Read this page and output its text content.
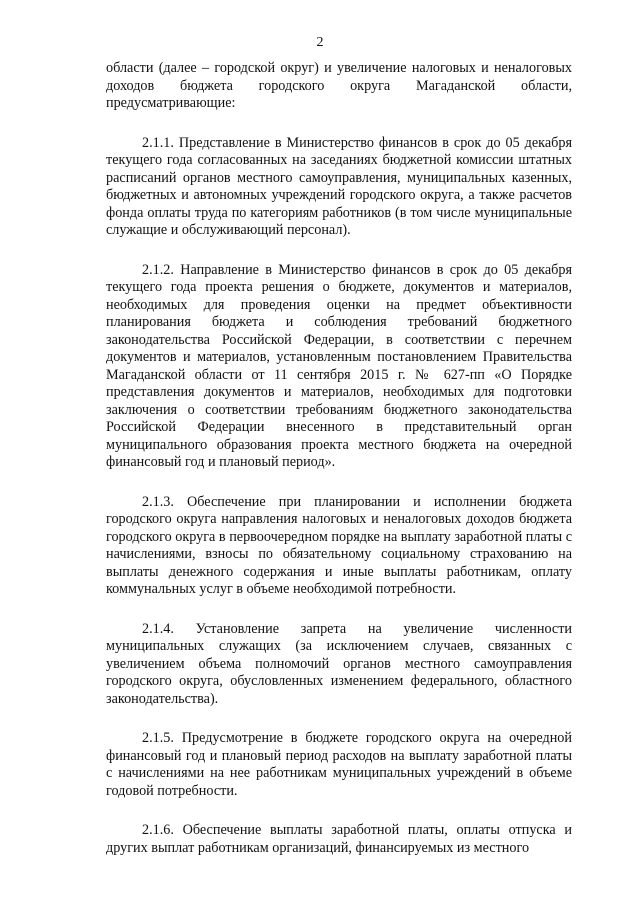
2

области (далее – городской округ) и увеличение налоговых и неналоговых доходов бюджета городского округа Магаданской области, предусматривающие:

2.1.1. Представление в Министерство финансов в срок до 05 декабря текущего года согласованных на заседаниях бюджетной комиссии штатных расписаний органов местного самоуправления, муниципальных казенных, бюджетных и автономных учреждений городского округа, а также расчетов фонда оплаты труда по категориям работников (в том числе муниципальные служащие и обслуживающий персонал).

2.1.2. Направление в Министерство финансов в срок до 05 декабря текущего года проекта решения о бюджете, документов и материалов, необходимых для проведения оценки на предмет объективности планирования бюджета и соблюдения требований бюджетного законодательства Российской Федерации, в соответствии с перечнем документов и материалов, установленным постановлением Правительства Магаданской области от 11 сентября 2015 г. № 627-пп «О Порядке представления документов и материалов, необходимых для подготовки заключения о соответствии требованиям бюджетного законодательства Российской Федерации внесенного в представительный орган муниципального образования проекта местного бюджета на очередной финансовый год и плановый период».

2.1.3. Обеспечение при планировании и исполнении бюджета городского округа направления налоговых и неналоговых доходов бюджета городского округа в первоочередном порядке на выплату заработной платы с начислениями, взносы по обязательному социальному страхованию на выплаты денежного содержания и иные выплаты работникам, оплату коммунальных услуг в объеме необходимой потребности.

2.1.4. Установление запрета на увеличение численности муниципальных служащих (за исключением случаев, связанных с увеличением объема полномочий органов местного самоуправления городского округа, обусловленных изменением федерального, областного законодательства).

2.1.5. Предусмотрение в бюджете городского округа на очередной финансовый год и плановый период расходов на выплату заработной платы с начислениями на нее работникам муниципальных учреждений в объеме годовой потребности.

2.1.6. Обеспечение выплаты заработной платы, оплаты отпуска и других выплат работникам организаций, финансируемых из местного
